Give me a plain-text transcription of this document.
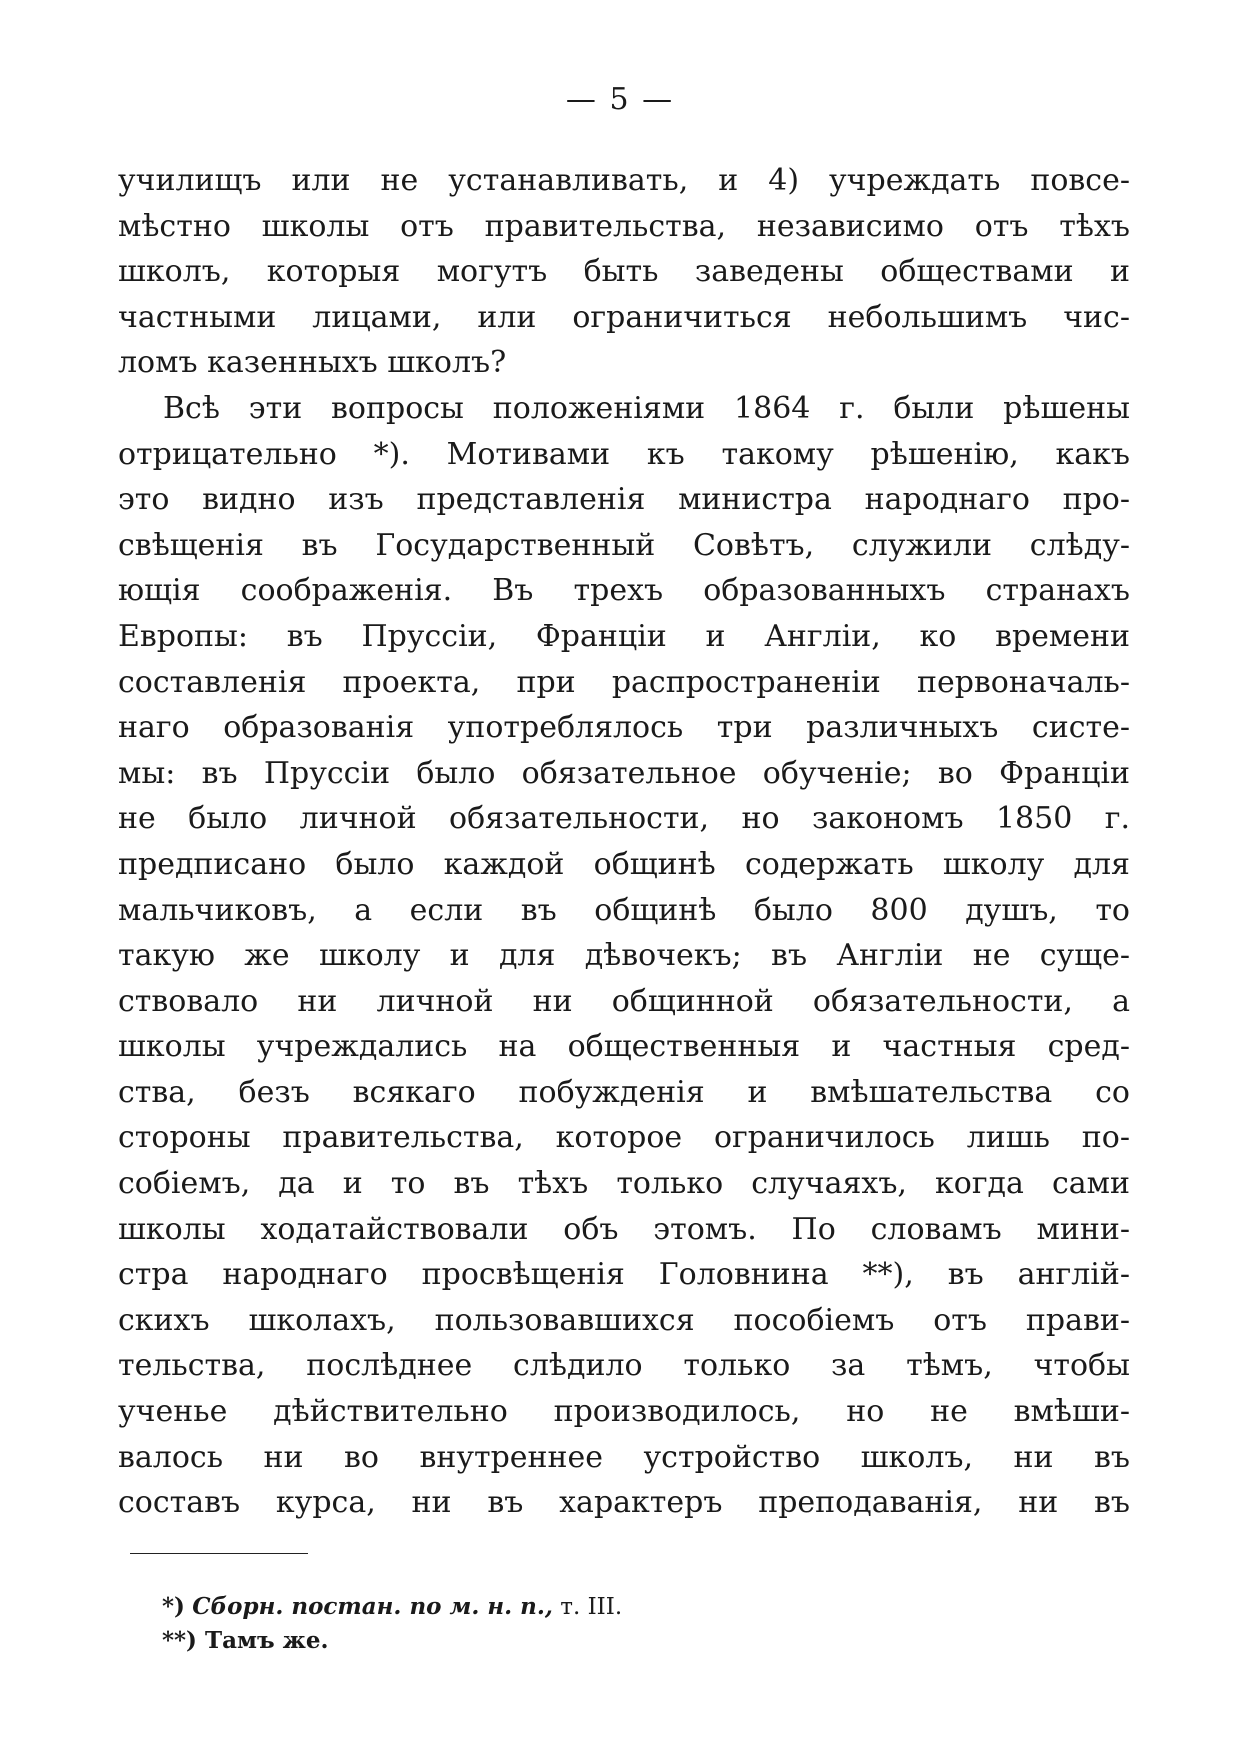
— 5 —
училищъ или не устанавливать, и 4) учреждать повсе-
мѣстно школы отъ правительства, независимо отъ тѣхъ
школъ, которыя могутъ быть заведены обществами и
частными лицами, или ограничиться небольшимъ чис-
ломъ казенныхъ школъ?
Всѣ эти вопросы положеніями 1864 г. были рѣшены
отрицательно *). Мотивами къ такому рѣшенію, какъ
это видно изъ представленія министра народнаго про-
свѣщенія въ Государственный Совѣтъ, служили слѣду-
ющія соображенія. Въ трехъ образованныхъ странахъ
Европы: въ Пруссіи, Франціи и Англіи, ко времени
составленія проекта, при распространеніи первоначаль-
наго образованія употреблялось три различныхъ систе-
мы: въ Пруссіи было обязательное обученіе; во Франціи
не было личной обязательности, но закономъ 1850 г.
предписано было каждой общинѣ содержать школу для
мальчиковъ, а если въ общинѣ было 800 душъ, то
такую же школу и для дѣвочекъ; въ Англіи не суще-
ствовало ни личной ни общинной обязательности, а
школы учреждались на общественныя и частныя сред-
ства, безъ всякаго побужденія и вмѣшательства со
стороны правительства, которое ограничилось лишь по-
собіемъ, да и то въ тѣхъ только случаяхъ, когда сами
школы ходатайствовали объ этомъ. По словамъ мини-
стра народнаго просвѣщенія Головнина **), въ англій-
скихъ школахъ, пользовавшихся пособіемъ отъ прави-
тельства, послѣднее слѣдило только за тѣмъ, чтобы
ученье дѣйствительно производилось, но не вмѣши-
валось ни во внутреннее устройство школъ, ни въ
составъ курса, ни въ характеръ преподаванія, ни въ
*) Сборн. постан. по м. н. п., т. III.
**) Тамъ же.
